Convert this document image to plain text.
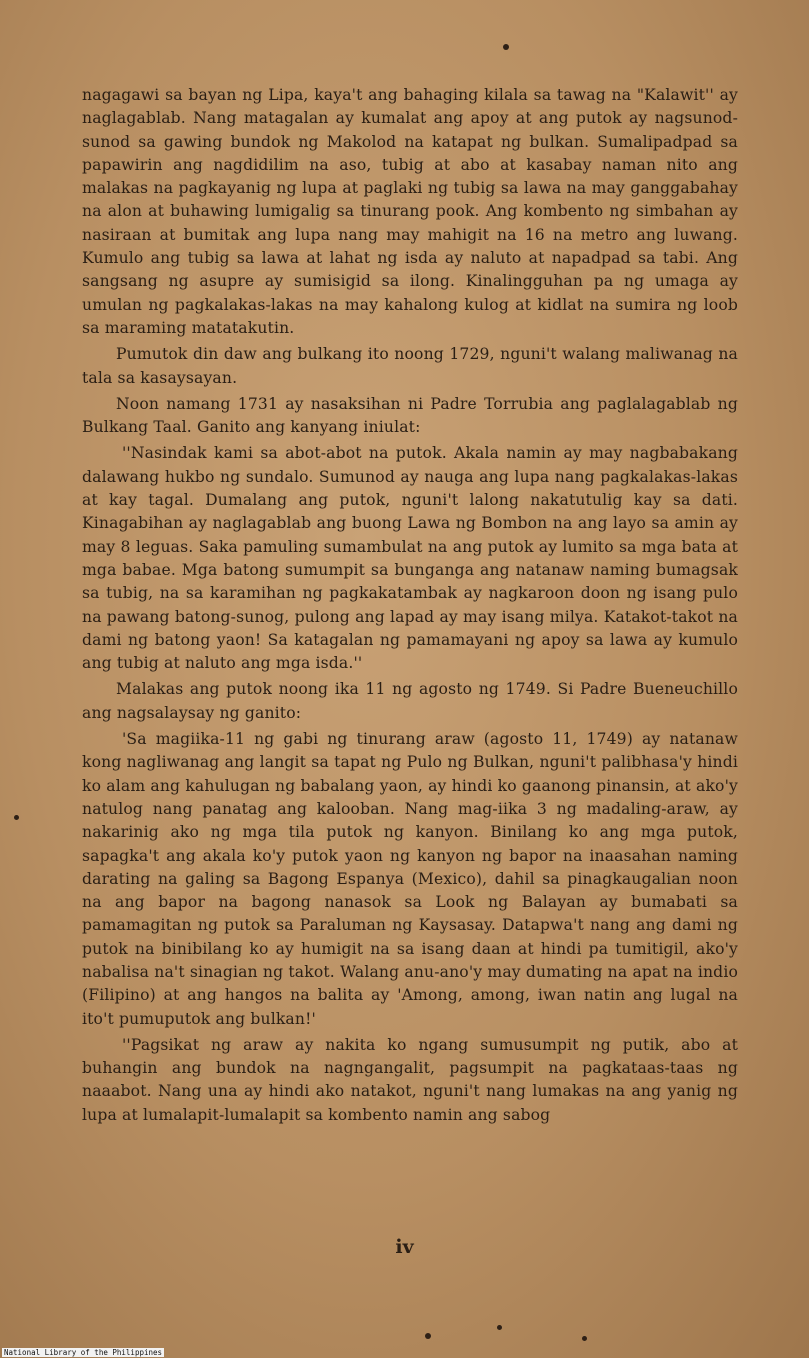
nagagawi sa bayan ng Lipa, kaya't ang bahaging kilala sa tawag na "Kalawit'' ay naglagablab. Nang matagalan ay kumalat ang apoy at ang putok ay nagsunod-sunod sa gawing bundok ng Makolod na katapat ng bulkan. Sumalipadpad sa papawirin ang nagdidilim na aso, tubig at abo at kasabay naman nito ang malakas na pagkayanig ng lupa at paglaki ng tubig sa lawa na may ganggabahay na alon at buhawing lumigalig sa tinurang pook. Ang kombento ng simbahan ay nasiraan at bumitak ang lupa nang may mahigit na 16 na metro ang luwang. Kumulo ang tubig sa lawa at lahat ng isda ay naluto at napadpad sa tabi. Ang sangsang ng asupre ay sumisigid sa ilong. Kinalingguhan pa ng umaga ay umulan ng pagkalakas-lakas na may kahalong kulog at kidlat na sumira ng loob sa maraming matatakutin.

Pumutok din daw ang bulkang ito noong 1729, nguni't walang maliwanag na tala sa kasaysayan.

Noon namang 1731 ay nasaksihan ni Padre Torrubia ang paglalagablab ng Bulkang Taal. Ganito ang kanyang iniulat:

''Nasindak kami sa abot-abot na putok. Akala namin ay may nagbabakang dalawang hukbo ng sundalo. Sumunod ay nauga ang lupa nang pagkalakas-lakas at kay tagal. Dumalang ang putok, nguni't lalong nakatutulig kay sa dati. Kinagabihan ay naglagablab ang buong Lawa ng Bombon na ang layo sa amin ay may 8 leguas. Saka pamuling sumambulat na ang putok ay lumito sa mga bata at mga babae. Mga batong sumumpit sa bunganga ang natanaw naming bumagsak sa tubig, na sa karamihan ng pagkakatambak ay nagkaroon doon ng isang pulo na pawang batong-sunog, pulong ang lapad ay may isang milya. Katakot-takot na dami ng batong yaon! Sa katagalan ng pamamayani ng apoy sa lawa ay kumulo ang tubig at naluto ang mga isda.''

Malakas ang putok noong ika 11 ng agosto ng 1749. Si Padre Bueneuchillo ang nagsalaysay ng ganito:

'Sa magiika-11 ng gabi ng tinurang araw (agosto 11, 1749) ay natanaw kong nagliwanag ang langit sa tapat ng Pulo ng Bulkan, nguni't palibhasa'y hindi ko alam ang kahulugan ng babalang yaon, ay hindi ko gaanong pinansin, at ako'y natulog nang panatag ang kalooban. Nang mag-iika 3 ng madaling-araw, ay nakarinig ako ng mga tila putok ng kanyon. Binilang ko ang mga putok, sapagka't ang akala ko'y putok yaon ng kanyon ng bapor na inaasahan naming darating na galing sa Bagong Espanya (Mexico), dahil sa pinagkaugalian noon na ang bapor na bagong nanasok sa Look ng Balayan ay bumabati sa pamamagitan ng putok sa Paraluman ng Kaysasay. Datapwa't nang ang dami ng putok na binibilang ko ay humigit na sa isang daan at hindi pa tumitigil, ako'y nabalisa na't sinagian ng takot. Walang anu-ano'y may dumating na apat na indio (Filipino) at ang hangos na balita ay 'Among, among, iwan natin ang lugal na ito't pumuputok ang bulkan!'

''Pagsikat ng araw ay nakita ko ngang sumusumpit ng putik, abo at buhangin ang bundok na nagngangalit, pagsumpit na pagkataas-taas ng naaabot. Nang una ay hindi ako natakot, nguni't nang lumakas na ang yanig ng lupa at lumalapit-lumalapit sa kombento namin ang sabog

iv
National Library of the Philippines
